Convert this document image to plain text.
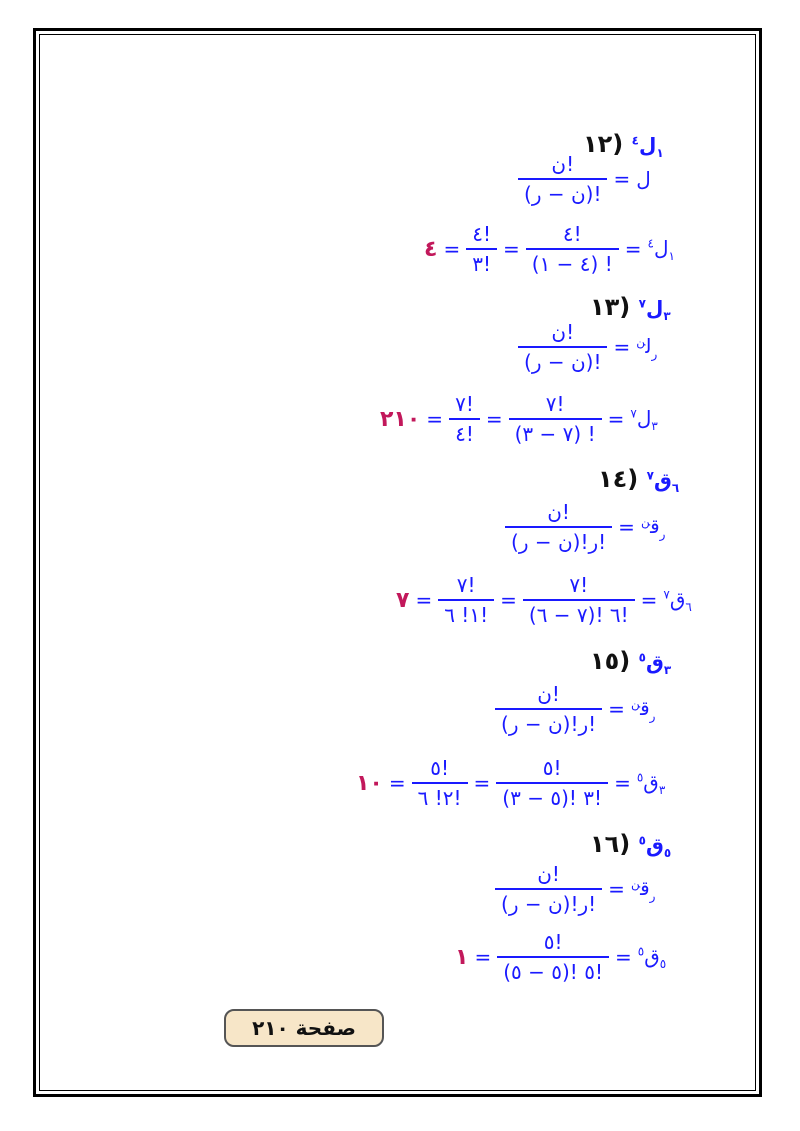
$_١$ل$^٤$ (١٢
$\frac{\text{ن!}}{\text{(ن − ر)!}}$ = ل
٤ = $\frac{٤!}{٣!} = \frac{٤!}{(٤ - ١) !}$ =	$_١$ل$^٤$
$_٣$ل$^٧$ (١٣
$\frac{\text{ن!}}{\text{(ن − ر)!}}$ =	$_ر$ل$^ن$
٢١٠ = $\frac{٧!}{٤!} = \frac{٧!}{(٧ - ٣) !}$ =	$_٣$ل$^٧$
$_٦$ق$^٧$ (١٤
$\frac{\text{ن!}}{\text{(ن − ر)!ر!}}$ =	$_ر$ق$^ن$
٧ = $\frac{٧!}{١! ٦!} = \frac{٧!}{(٧ - ٦)! ٦!}$ =	$_٦$ق$^٧$
$_٣$ق$^٥$ (١٥
$\frac{\text{ن!}}{\text{(ن − ر)!ر!}}$ =	$_ر$ق$^ن$
١٠ = $\frac{٥!}{٢! ٦!} = \frac{٥!}{(٥ - ٣)! ٣!}$ =	$_٣$ق$^٥$
$_٥$ق$^٥$ (١٦
$\frac{\text{ن!}}{\text{(ن − ر)!ر!}}$ =	$_ر$ق$^ن$
١ = $\frac{٥!}{(٥ - ٥)! ٥!}$ =	$_٥$ق$^٥$
صفحة ٢١٠
